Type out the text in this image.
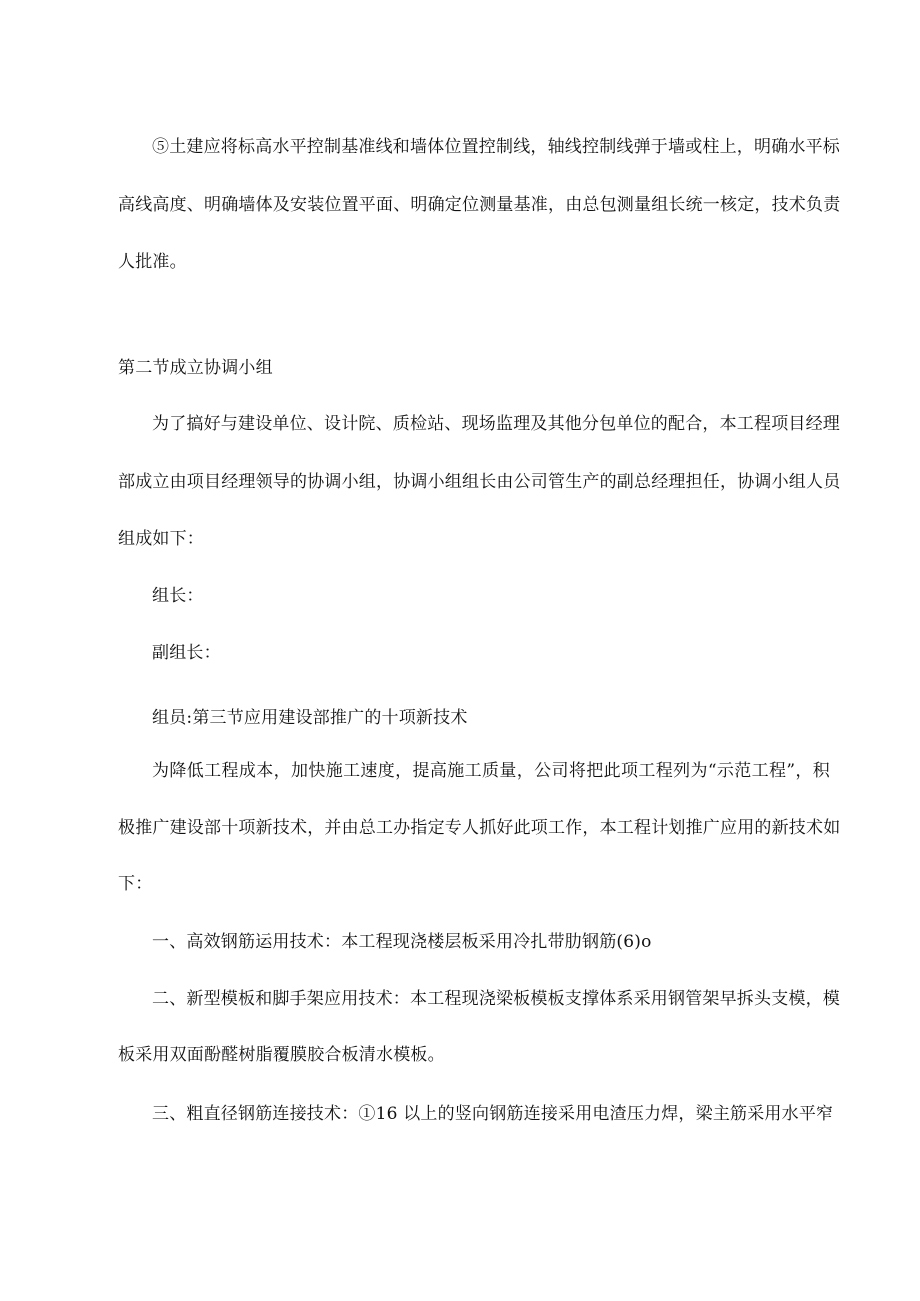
⑤土建应将标高水平控制基准线和墙体位置控制线，轴线控制线弹于墙或柱上，明确水平标
高线高度、明确墙体及安装位置平面、明确定位测量基准，由总包测量组长统一核定，技术负责
人批准。
第二节成立协调小组
为了搞好与建设单位、设计院、质检站、现场监理及其他分包单位的配合，本工程项目经理
部成立由项目经理领导的协调小组，协调小组组长由公司管生产的副总经理担任，协调小组人员
组成如下：
组长：
副组长：
组员:第三节应用建设部推广的十项新技术
为降低工程成本，加快施工速度，提高施工质量，公司将把此项工程列为“示范工程”，积
极推广建设部十项新技术，并由总工办指定专人抓好此项工作，本工程计划推广应用的新技术如
下：
一、高效钢筋运用技术：本工程现浇楼层板采用冷扎带肋钢筋(6)o
二、新型模板和脚手架应用技术：本工程现浇梁板模板支撑体系采用钢管架早拆头支模，模
板采用双面酚醛树脂覆膜胶合板清水模板。
三、粗直径钢筋连接技术：①16 以上的竖向钢筋连接采用电渣压力焊，梁主筋采用水平窄
